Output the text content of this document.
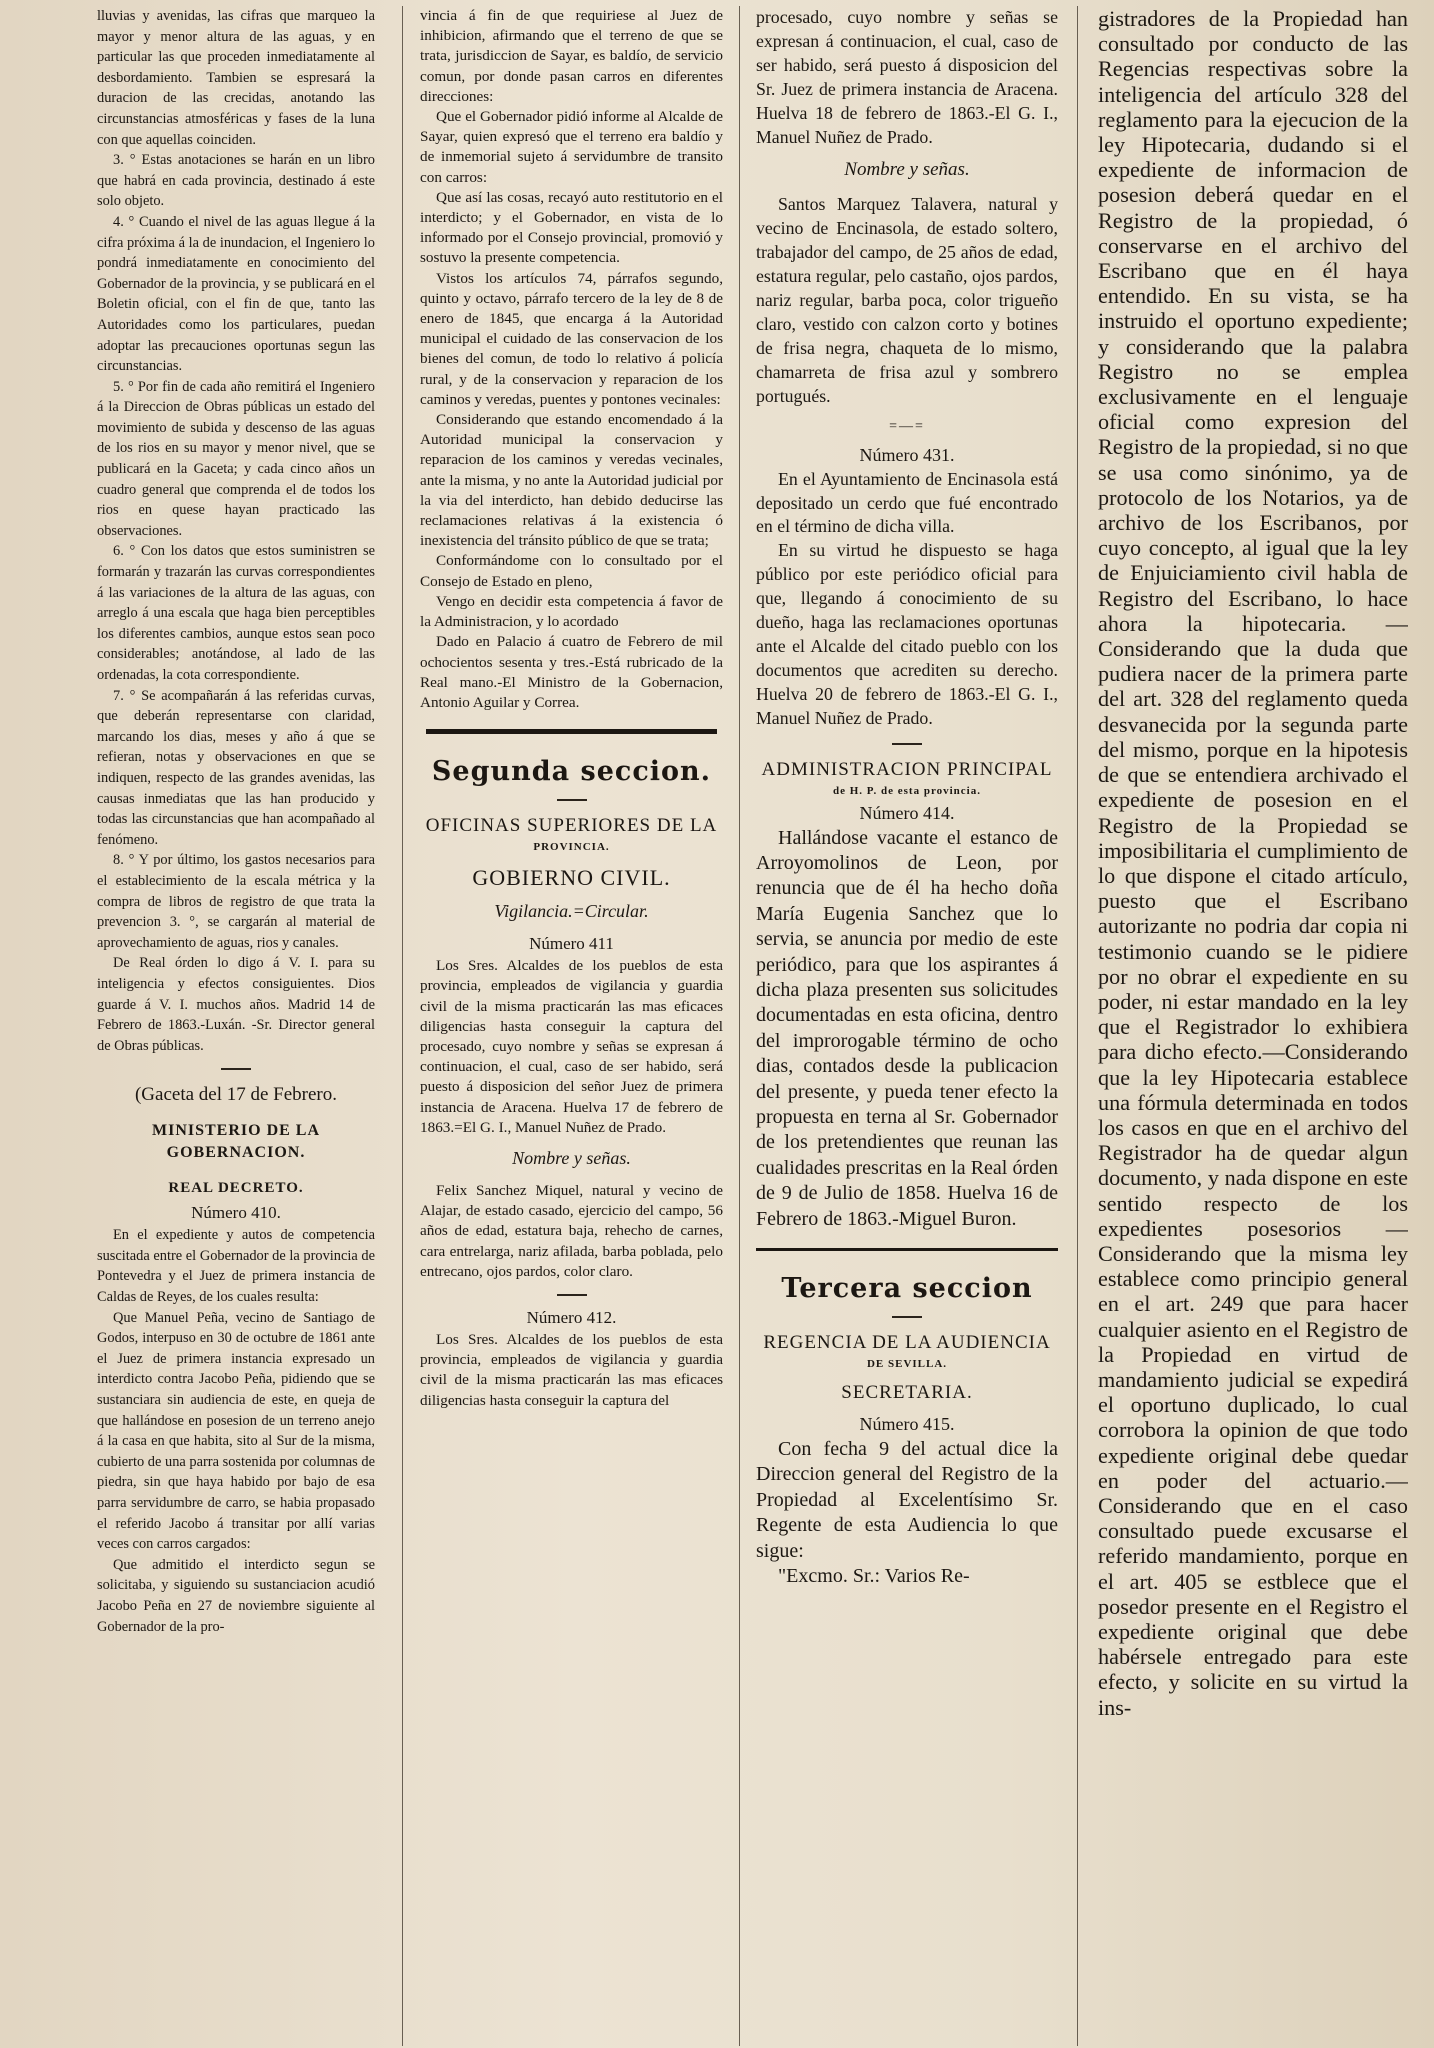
lluvias y avenidas, las cifras que marqueo la mayor y menor altura de las aguas, y en particular las que proceden inmediatamente al desbordamiento. Tambien se espresará la duracion de las crecidas, anotando las circunstancias atmosféricas y fases de la luna con que aquellas coinciden.

3. ° Estas anotaciones se harán en un libro que habrá en cada provincia, destinado á este solo objeto.

4. ° Cuando el nivel de las aguas llegue á la cifra próxima á la de inundacion, el Ingeniero lo pondrá inmediatamente en conocimiento del Gobernador de la provincia, y se publicará en el Boletin oficial, con el fin de que, tanto las Autoridades como los particulares, puedan adoptar las precauciones oportunas segun las circunstancias.

5. ° Por fin de cada año remitirá el Ingeniero á la Direccion de Obras públicas un estado del movimiento de subida y descenso de las aguas de los rios en su mayor y menor nivel, que se publicará en la Gaceta; y cada cinco años un cuadro general que comprenda el de todos los rios en quese hayan practicado las observaciones.

6. ° Con los datos que estos suministren se formarán y trazarán las curvas correspondientes á las variaciones de la altura de las aguas, con arreglo á una escala que haga bien perceptibles los diferentes cambios, aunque estos sean poco considerables; anotándose, al lado de las ordenadas, la cota correspondiente.

7. ° Se acompañarán á las referidas curvas, que deberán representarse con claridad, marcando los dias, meses y año á que se refieran, notas y observaciones en que se indiquen, respecto de las grandes avenidas, las causas inmediatas que las han producido y todas las circunstancias que han acompañado al fenómeno.

8. ° Y por último, los gastos necesarios para el establecimiento de la escala métrica y la compra de libros de registro de que trata la prevencion 3. °, se cargarán al material de aprovechamiento de aguas, rios y canales.

De Real órden lo digo á V. I. para su inteligencia y efectos consiguientes. Dios guarde á V. I. muchos años. Madrid 14 de Febrero de 1863.-Luxán. -Sr. Director general de Obras públicas.

(Gaceta del 17 de Febrero.
MINISTERIO DE LA GOBERNACION.
REAL DECRETO.
Número 410.

En el expediente y autos de competencia suscitada entre el Gobernador de la provincia de Pontevedra y el Juez de primera instancia de Caldas de Reyes, de los cuales resulta:

Que Manuel Peña, vecino de Santiago de Godos, interpuso en 30 de octubre de 1861 ante el Juez de primera instancia expresado un interdicto contra Jacobo Peña, pidiendo que se sustanciara sin audiencia de este, en queja de que hallándose en posesion de un terreno anejo á la casa en que habita, sito al Sur de la misma, cubierto de una parra sostenida por columnas de piedra, sin que haya habido por bajo de esa parra servidumbre de carro, se habia propasado el referido Jacobo á transitar por allí varias veces con carros cargados:

Que admitido el interdicto segun se solicitaba, y siguiendo su sustanciacion acudió Jacobo Peña en 27 de noviembre siguiente al Gobernador de la pro-

vincia á fin de que requiriese al Juez de inhibicion, afirmando que el terreno de que se trata, jurisdiccion de Sayar, es baldío, de servicio comun, por donde pasan carros en diferentes direcciones:

Que el Gobernador pidió informe al Alcalde de Sayar, quien expresó que el terreno era baldío y de inmemorial sujeto á servidumbre de transito con carros:

Que así las cosas, recayó auto restitutorio en el interdicto; y el Gobernador, en vista de lo informado por el Consejo provincial, promovió y sostuvo la presente competencia.

Vistos los artículos 74, párrafos segundo, quinto y octavo, párrafo tercero de la ley de 8 de enero de 1845, que encarga á la Autoridad municipal el cuidado de las conservacion de los bienes del comun, de todo lo relativo á policía rural, y de la conservacion y reparacion de los caminos y veredas, puentes y pontones vecinales:

Considerando que estando encomendado á la Autoridad municipal la conservacion y reparacion de los caminos y veredas vecinales, ante la misma, y no ante la Autoridad judicial por la via del interdicto, han debido deducirse las reclamaciones relativas á la existencia ó inexistencia del tránsito público de que se trata;

Conformándome con lo consultado por el Consejo de Estado en pleno,

Vengo en decidir esta competencia á favor de la Administracion, y lo acordado

Dado en Palacio á cuatro de Febrero de mil ochocientos sesenta y tres.-Está rubricado de la Real mano.-El Ministro de la Gobernacion, Antonio Aguilar y Correa.

Segunda seccion.
OFICINAS SUPERIORES DE LA
PROVINCIA.
GOBIERNO CIVIL.
Vigilancia.=Circular.
Número 411

Los Sres. Alcaldes de los pueblos de esta provincia, empleados de vigilancia y guardia civil de la misma practicarán las mas eficaces diligencias hasta conseguir la captura del procesado, cuyo nombre y señas se expresan á continuacion, el cual, caso de ser habido, será puesto á disposicion del señor Juez de primera instancia de Aracena. Huelva 17 de febrero de 1863.=El G. I., Manuel Nuñez de Prado.

Nombre y señas.

Felix Sanchez Miquel, natural y vecino de Alajar, de estado casado, ejercicio del campo, 56 años de edad, estatura baja, rehecho de carnes, cara entrelarga, nariz afilada, barba poblada, pelo entrecano, ojos pardos, color claro.

Número 412.

Los Sres. Alcaldes de los pueblos de esta provincia, empleados de vigilancia y guardia civil de la misma practicarán las mas eficaces diligencias hasta conseguir la captura del

procesado, cuyo nombre y señas se expresan á continuacion, el cual, caso de ser habido, será puesto á disposicion del Sr. Juez de primera instancia de Aracena. Huelva 18 de febrero de 1863.-El G. I., Manuel Nuñez de Prado.

Nombre y señas.

Santos Marquez Talavera, natural y vecino de Encinasola, de estado soltero, trabajador del campo, de 25 años de edad, estatura regular, pelo castaño, ojos pardos, nariz regular, barba poca, color trigueño claro, vestido con calzon corto y botines de frisa negra, chaqueta de lo mismo, chamarreta de frisa azul y sombrero portugués.

=—=
Número 431.

En el Ayuntamiento de Encinasola está depositado un cerdo que fué encontrado en el término de dicha villa.

En su virtud he dispuesto se haga público por este periódico oficial para que, llegando á conocimiento de su dueño, haga las reclamaciones oportunas ante el Alcalde del citado pueblo con los documentos que acrediten su derecho. Huelva 20 de febrero de 1863.-El G. I., Manuel Nuñez de Prado.

ADMINISTRACION PRINCIPAL
de H. P. de esta provincia.
Número 414.

Hallándose vacante el estanco de Arroyomolinos de Leon, por renuncia que de él ha hecho doña María Eugenia Sanchez que lo servia, se anuncia por medio de este periódico, para que los aspirantes á dicha plaza presenten sus solicitudes documentadas en esta oficina, dentro del improrogable término de ocho dias, contados desde la publicacion del presente, y pueda tener efecto la propuesta en terna al Sr. Gobernador de los pretendientes que reunan las cualidades prescritas en la Real órden de 9 de Julio de 1858. Huelva 16 de Febrero de 1863.-Miguel Buron.

Tercera seccion
REGENCIA DE LA AUDIENCIA
DE SEVILLA.
SECRETARIA.
Número 415.

Con fecha 9 del actual dice la Direccion general del Registro de la Propiedad al Excelentísimo Sr. Regente de esta Audiencia lo que sigue:

"Excmo. Sr.: Varios Re-

gistradores de la Propiedad han consultado por conducto de las Regencias respectivas sobre la inteligencia del artículo 328 del reglamento para la ejecucion de la ley Hipotecaria, dudando si el expediente de informacion de posesion deberá quedar en el Registro de la propiedad, ó conservarse en el archivo del Escribano que en él haya entendido. En su vista, se ha instruido el oportuno expediente; y considerando que la palabra Registro no se emplea exclusivamente en el lenguaje oficial como expresion del Registro de la propiedad, si no que se usa como sinónimo, ya de protocolo de los Notarios, ya de archivo de los Escribanos, por cuyo concepto, al igual que la ley de Enjuiciamiento civil habla de Registro del Escribano, lo hace ahora la hipotecaria. —Considerando que la duda que pudiera nacer de la primera parte del art. 328 del reglamento queda desvanecida por la segunda parte del mismo, porque en la hipotesis de que se entendiera archivado el expediente de posesion en el Registro de la Propiedad se imposibilitaria el cumplimiento de lo que dispone el citado artículo, puesto que el Escribano autorizante no podria dar copia ni testimonio cuando se le pidiere por no obrar el expediente en su poder, ni estar mandado en la ley que el Registrador lo exhibiera para dicho efecto.—Considerando que la ley Hipotecaria establece una fórmula determinada en todos los casos en que en el archivo del Registrador ha de quedar algun documento, y nada dispone en este sentido respecto de los expedientes posesorios — Considerando que la misma ley establece como principio general en el art. 249 que para hacer cualquier asiento en el Registro de la Propiedad en virtud de mandamiento judicial se expedirá el oportuno duplicado, lo cual corrobora la opinion de que todo expediente original debe quedar en poder del actuario.—Considerando que en el caso consultado puede excusarse el referido mandamiento, porque en el art. 405 se estblece que el posedor presente en el Registro el expediente original que debe habérsele entregado para este efecto, y solicite en su virtud la ins-
